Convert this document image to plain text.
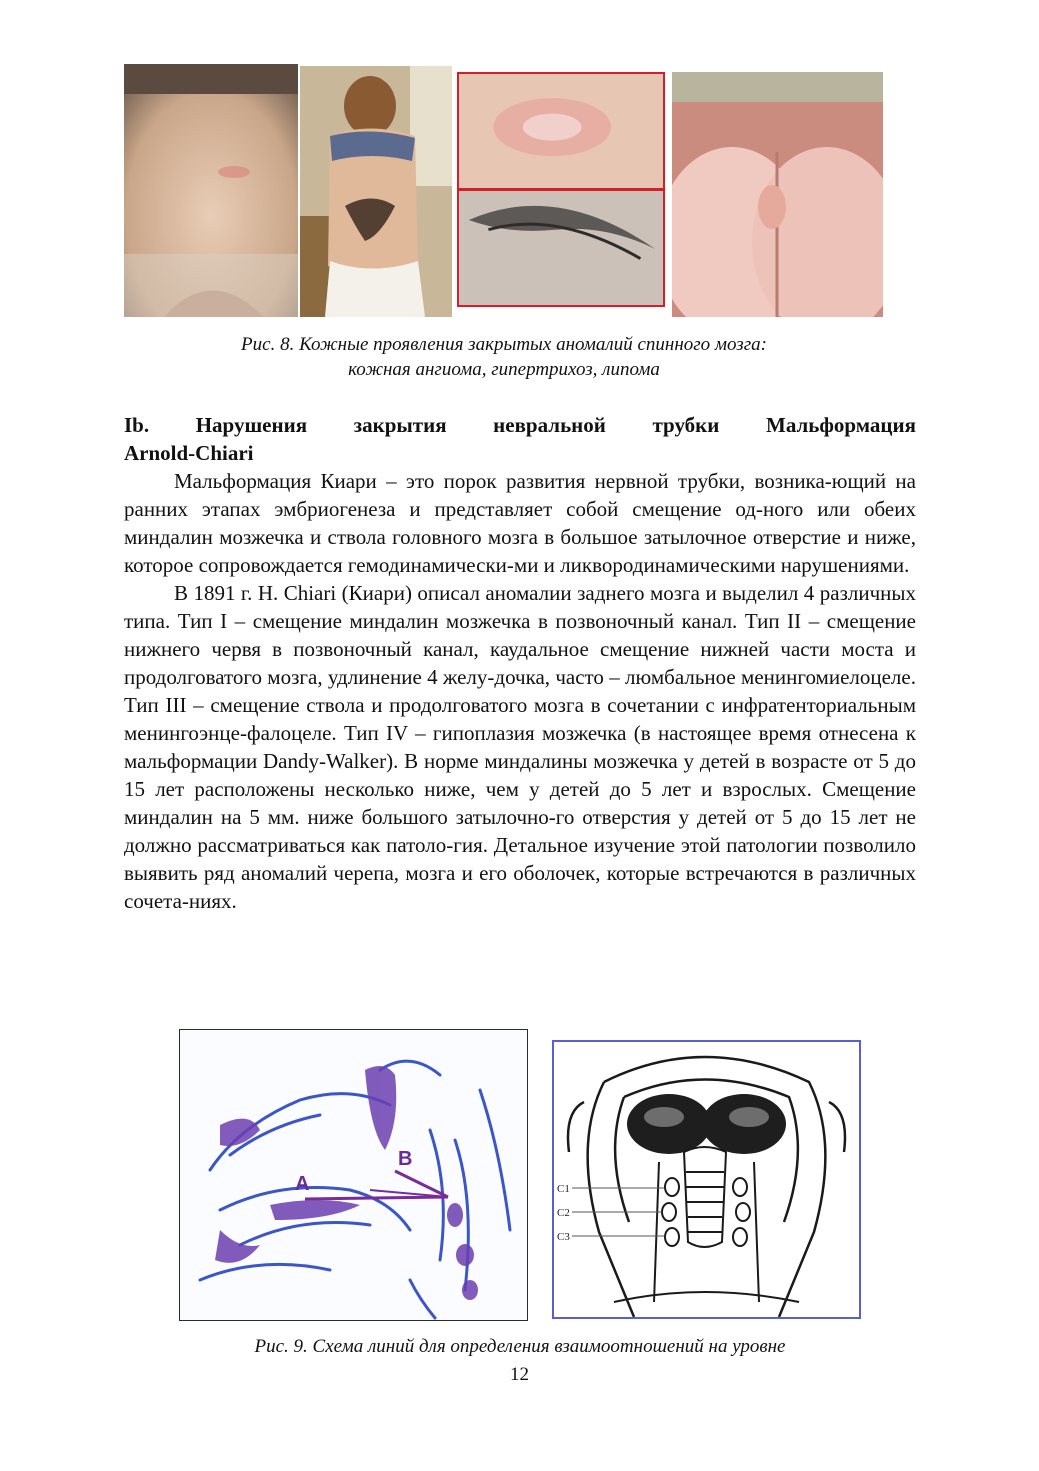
Рис. 8. Кожные проявления закрытых аномалий спинного мозга:
кожная ангиома, гипертрихоз, липома
Ib. Нарушения закрытия невральной трубки Мальформация
Arnold-Chiari

Мальформация Киари – это порок развития нервной трубки, возника-ющий на ранних этапах эмбриогенеза и представляет собой смещение од-ного или обеих миндалин мозжечка и ствола головного мозга в большое затылочное отверстие и ниже, которое сопровождается гемодинамически-ми и ликвородинамическими нарушениями.

В 1891 г. H. Chiari (Киари) описал аномалии заднего мозга и выделил 4 различных типа. Тип I – смещение миндалин мозжечка в позвоночный канал. Тип II – смещение нижнего червя в позвоночный канал, каудальное смещение нижней части моста и продолговатого мозга, удлинение 4 желу-дочка, часто – люмбальное менингомиелоцеле. Тип III – смещение ствола и продолговатого мозга в сочетании с инфратенториальным менингоэнце-фалоцеле. Тип IV – гипоплазия мозжечка (в настоящее время отнесена к мальформации Dandy-Walker). В норме миндалины мозжечка у детей в возрасте от 5 до 15 лет расположены несколько ниже, чем у детей до 5 лет и взрослых. Смещение миндалин на 5 мм. ниже большого затылочно-го отверстия у детей от 5 до 15 лет не должно рассматриваться как патоло-гия. Детальное изучение этой патологии позволило выявить ряд аномалий черепа, мозга и его оболочек, которые встречаются в различных сочета-ниях.

A
B
C1
C2
C3
Рис. 9. Схема линий для определения взаимоотношений на уровне
12
